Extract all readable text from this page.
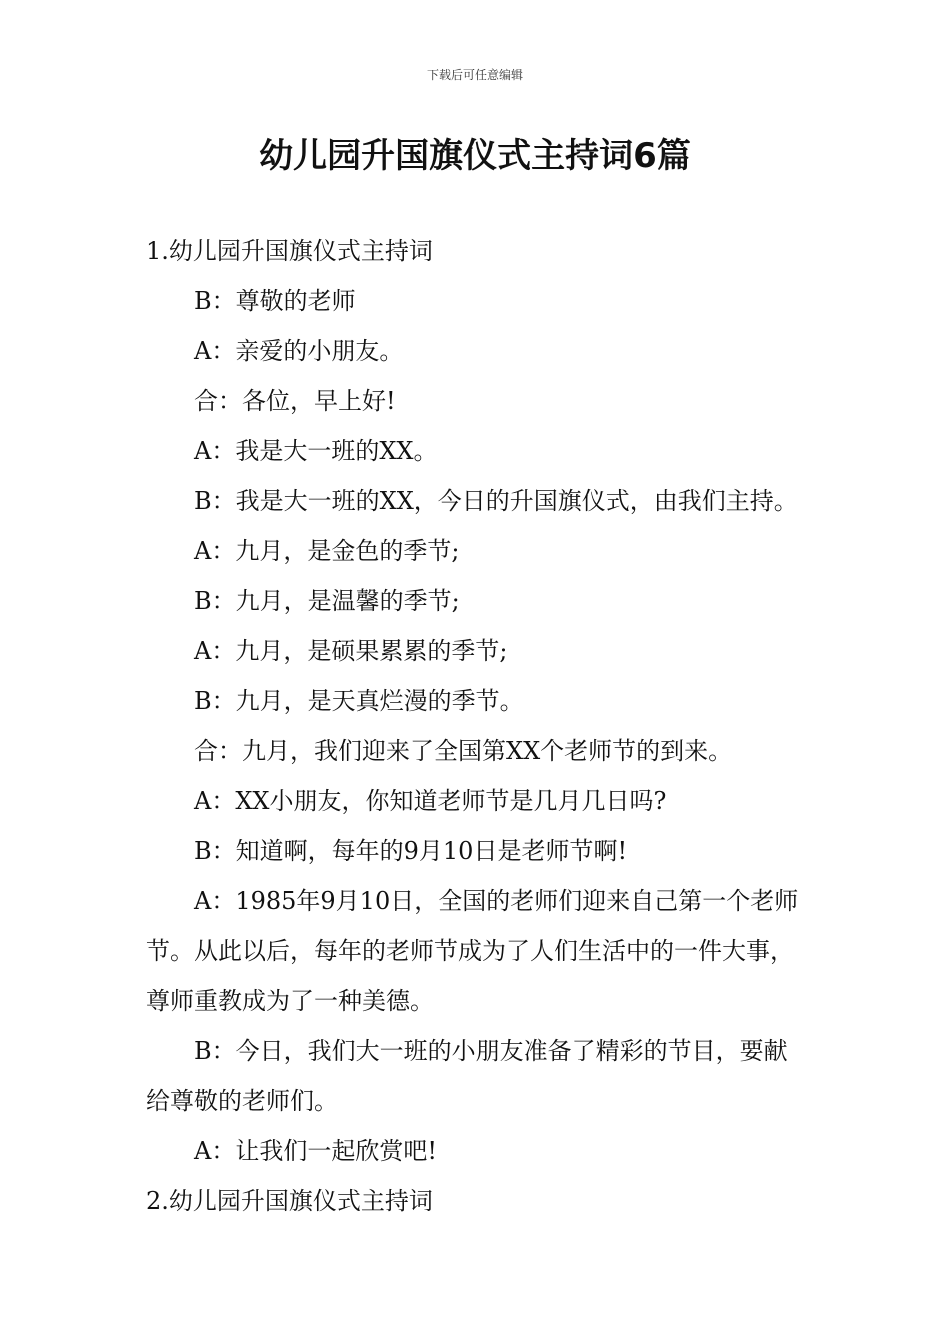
下载后可任意编辑
幼儿园升国旗仪式主持词6篇
1.幼儿园升国旗仪式主持词
B：尊敬的老师
A：亲爱的小朋友。
合：各位，早上好!
A：我是大一班的XX。
B：我是大一班的XX，今日的升国旗仪式，由我们主持。
A：九月，是金色的季节;
B：九月，是温馨的季节;
A：九月，是硕果累累的季节;
B：九月，是天真烂漫的季节。
合：九月，我们迎来了全国第XX个老师节的到来。
A：XX小朋友，你知道老师节是几月几日吗?
B：知道啊，每年的9月10日是老师节啊!
A：1985年9月10日，全国的老师们迎来自己第一个老师节。从此以后，每年的老师节成为了人们生活中的一件大事，尊师重教成为了一种美德。
B：今日，我们大一班的小朋友准备了精彩的节目，要献给尊敬的老师们。
A：让我们一起欣赏吧!
2.幼儿园升国旗仪式主持词
